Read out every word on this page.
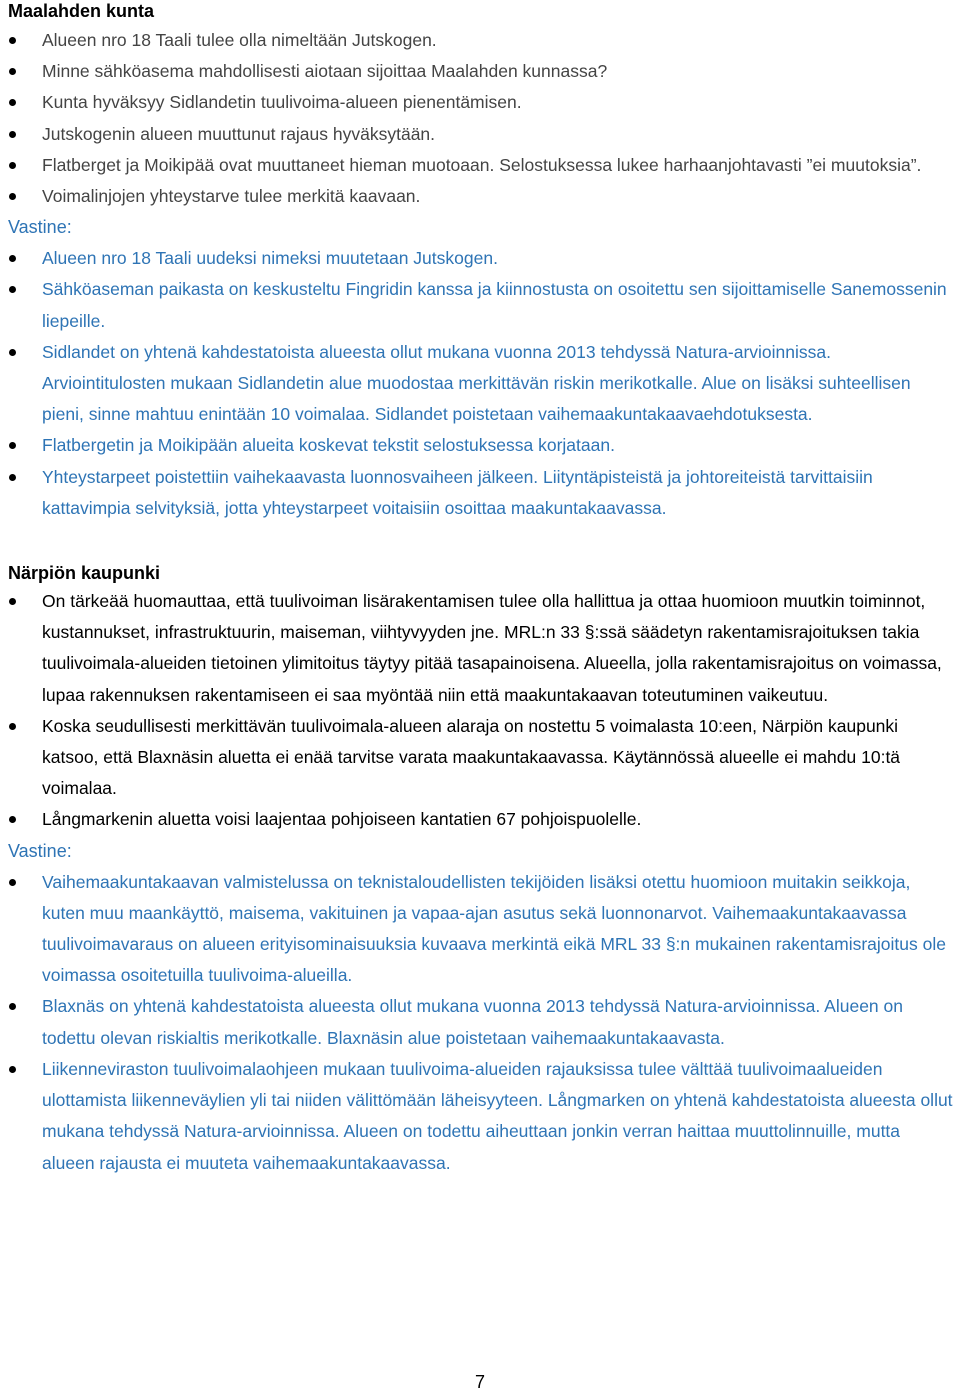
Maalahden kunta
Alueen nro 18 Taali tulee olla nimeltään Jutskogen.
Minne sähköasema mahdollisesti aiotaan sijoittaa Maalahden kunnassa?
Kunta hyväksyy Sidlandetin tuulivoima-alueen pienentämisen.
Jutskogenin alueen muuttunut rajaus hyväksytään.
Flatberget ja Moikipää ovat muuttaneet hieman muotoaan. Selostuksessa lukee harhaanjohtavasti ”ei muutoksia”.
Voimalinjojen yhteystarve tulee merkitä kaavaan.
Vastine:
Alueen nro 18 Taali uudeksi nimeksi muutetaan Jutskogen.
Sähköaseman paikasta on keskusteltu Fingridin kanssa ja kiinnostusta on osoitettu sen sijoittamiselle Sanemossenin liepeille.
Sidlandet on yhtenä kahdestatoista alueesta ollut mukana vuonna 2013 tehdyssä Natura-arvioinnissa. Arviointitulosten mukaan Sidlandetin alue muodostaa merkittävän riskin merikotkalle. Alue on lisäksi suhteellisen pieni, sinne mahtuu enintään 10 voimalaa. Sidlandet poistetaan vaihemaakuntakaavaehdotuksesta.
Flatbergetin ja Moikipään alueita koskevat tekstit selostuksessa korjataan.
Yhteystarpeet poistettiin vaihekaavasta luonnosvaiheen jälkeen. Liityntäpisteistä ja johtoreiteistä tarvittaisiin kattavimpia selvityksiä, jotta yhteystarpeet voitaisiin osoittaa maakuntakaavassa.
Närpiön kaupunki
On tärkeää huomauttaa, että tuulivoiman lisärakentamisen tulee olla hallittua ja ottaa huomioon muutkin toiminnot, kustannukset, infrastruktuurin, maiseman, viihtyvyyden jne. MRL:n 33 §:ssä säädetyn rakentamisrajoituksen takia tuulivoimala-alueiden tietoinen ylimitoitus täytyy pitää tasapainoisena. Alueella, jolla rakentamisrajoitus on voimassa, lupaa rakennuksen rakentamiseen ei saa myöntää niin että maakuntakaavan toteutuminen vaikeutuu.
Koska seudullisesti merkittävän tuulivoimala-alueen alaraja on nostettu 5 voimalasta 10:een, Närpiön kaupunki katsoo, että Blaxnäsin aluetta ei enää tarvitse varata maakuntakaavassa. Käytännössä alueelle ei mahdu 10:tä voimalaa.
Långmarkenin aluetta voisi laajentaa pohjoiseen kantatien 67 pohjoispuolelle.
Vastine:
Vaihemaakuntakaavan valmistelussa on teknistaloudellisten tekijöiden lisäksi otettu huomioon muitakin seikkoja, kuten muu maankäyttö, maisema, vakituinen ja vapaa-ajan asutus sekä luonnonarvot. Vaihemaakuntakaavassa tuulivoimavaraus on alueen erityisominaisuuksia kuvaava merkintä eikä MRL 33 §:n mukainen rakentamisrajoitus ole voimassa osoitetuilla tuulivoima-alueilla.
Blaxnäs on yhtenä kahdestatoista alueesta ollut mukana vuonna 2013 tehdyssä Natura-arvioinnissa. Alueen on todettu olevan riskialtis merikotkalle. Blaxnäsin alue poistetaan vaihemaakuntakaavasta.
Liikenneviraston tuulivoimalaohjeen mukaan tuulivoima-alueiden rajauksissa tulee välttää tuulivoimaalueiden ulottamista liikenneväylien yli tai niiden välittömään läheisyyteen. Långmarken on yhtenä kahdestatoista alueesta ollut mukana tehdyssä Natura-arvioinnissa. Alueen on todettu aiheuttaan jonkin verran haittaa muuttolinnuille, mutta alueen rajausta ei muuteta vaihemaakuntakaavassa.
7
